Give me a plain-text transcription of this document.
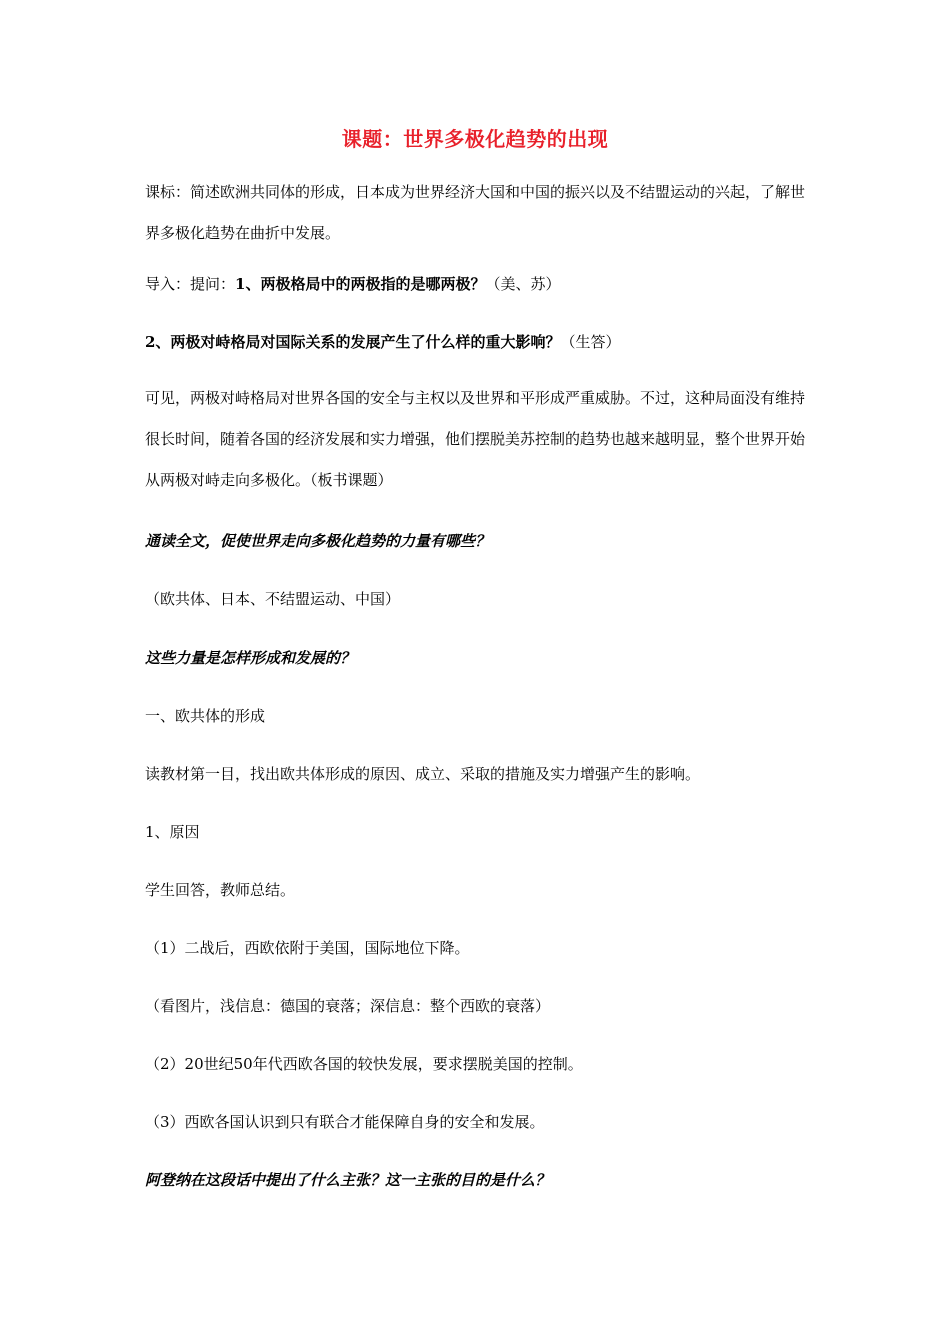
课题：世界多极化趋势的出现
课标：简述欧洲共同体的形成，日本成为世界经济大国和中国的振兴以及不结盟运动的兴起，了解世界多极化趋势在曲折中发展。
导入：提问：1、两极格局中的两极指的是哪两极？（美、苏）
2、两极对峙格局对国际关系的发展产生了什么样的重大影响？（生答）
可见，两极对峙格局对世界各国的安全与主权以及世界和平形成严重威胁。不过，这种局面没有维持很长时间，随着各国的经济发展和实力增强，他们摆脱美苏控制的趋势也越来越明显，整个世界开始从两极对峙走向多极化。（板书课题）
通读全文，促使世界走向多极化趋势的力量有哪些？
（欧共体、日本、不结盟运动、中国）
这些力量是怎样形成和发展的？
一、欧共体的形成
读教材第一目，找出欧共体形成的原因、成立、采取的措施及实力增强产生的影响。
1、原因
学生回答，教师总结。
（1）二战后，西欧依附于美国，国际地位下降。
（看图片，浅信息：德国的衰落；深信息：整个西欧的衰落）
（2）20世纪50年代西欧各国的较快发展，要求摆脱美国的控制。
（3）西欧各国认识到只有联合才能保障自身的安全和发展。
阿登纳在这段话中提出了什么主张？这一主张的目的是什么？
